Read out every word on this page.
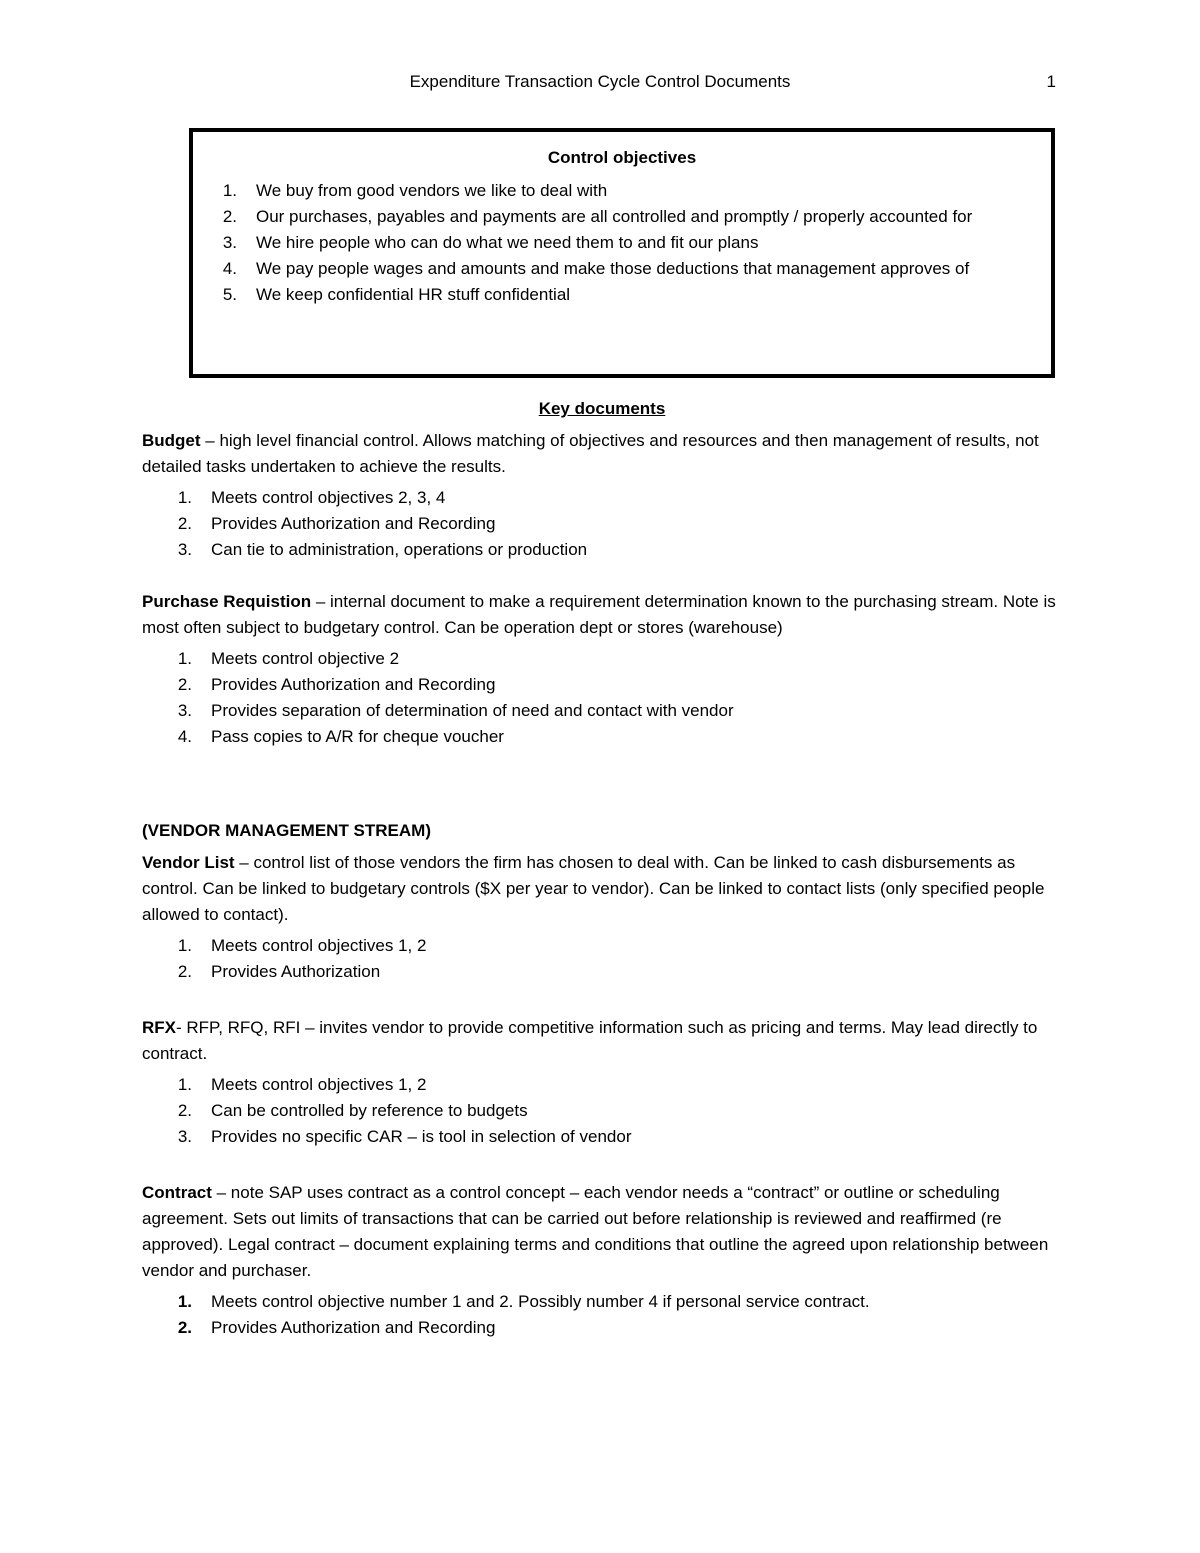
Expenditure Transaction Cycle Control Documents	1
Control objectives
1. We buy from good vendors we like to deal with
2. Our purchases, payables and payments are all controlled and promptly / properly accounted for
3. We hire people who can do what we need them to and fit our plans
4. We pay people wages and amounts and make those deductions that management approves of
5. We keep confidential HR stuff confidential
Key documents

Budget – high level financial control. Allows matching of objectives and resources and then management of results, not detailed tasks undertaken to achieve the results.

1. Meets control objectives 2, 3, 4
2. Provides Authorization and Recording
3. Can tie to administration, operations or production

Purchase Requistion – internal document to make a requirement determination known to the purchasing stream. Note is most often subject to budgetary control. Can be operation dept or stores (warehouse)

1. Meets control objective 2
2. Provides Authorization and Recording
3. Provides separation of determination of need and contact with vendor
4. Pass copies to A/R for cheque voucher
(VENDOR MANAGEMENT STREAM)

Vendor List – control list of those vendors the firm has chosen to deal with. Can be linked to cash disbursements as control. Can be linked to budgetary controls ($X per year to vendor). Can be linked to contact lists (only specified people allowed to contact).

1. Meets control objectives 1, 2
2. Provides Authorization

RFX- RFP, RFQ, RFI – invites vendor to provide competitive information such as pricing and terms. May lead directly to contract.

1. Meets control objectives 1, 2
2. Can be controlled by reference to budgets
3. Provides no specific CAR – is tool in selection of vendor

Contract – note SAP uses contract as a control concept – each vendor needs a “contract” or outline or scheduling agreement. Sets out limits of transactions that can be carried out before relationship is reviewed and reaffirmed (re approved). Legal contract – document explaining terms and conditions that outline the agreed upon relationship between vendor and purchaser.

1. Meets control objective number 1 and 2. Possibly number 4 if personal service contract.
2. Provides Authorization and Recording
